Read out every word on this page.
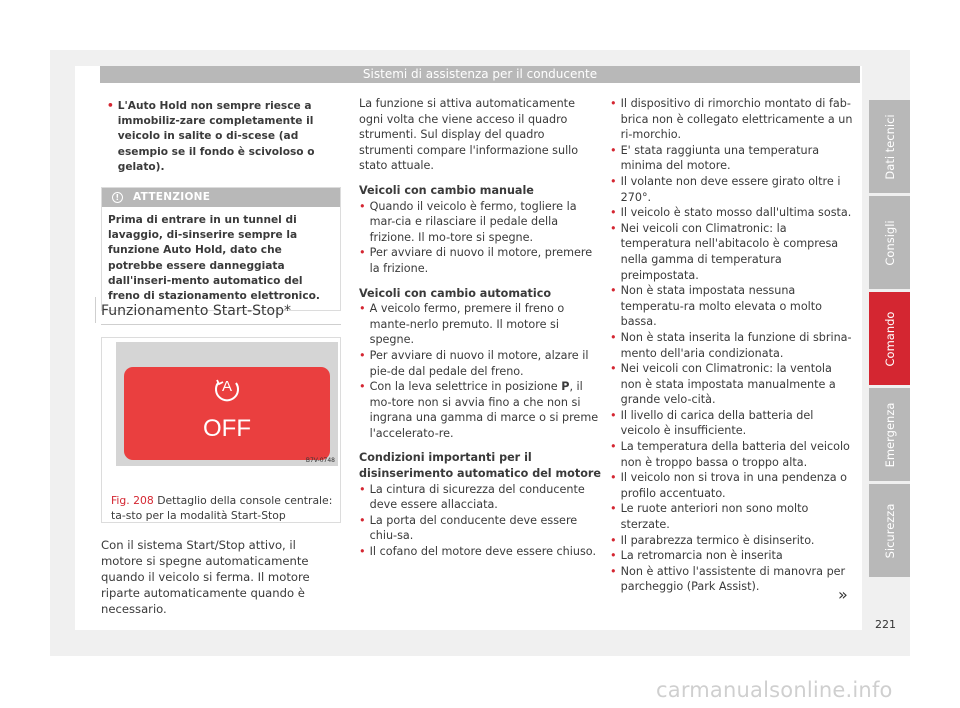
Sistemi di assistenza per il conducente
• L'Auto Hold non sempre riesce a immobiliz-zare completamente il veicolo in salite o di-scese (ad esempio se il fondo è scivoloso o gelato).
!	ATTENZIONE
Prima di entrare in un tunnel di lavaggio, di-sinserire sempre la funzione Auto Hold, dato che potrebbe essere danneggiata dall'inseri-mento automatico del freno di stazionamento elettronico.
Funzionamento Start-Stop*
A
OFF
B7V-0748
Fig. 208 Dettaglio della console centrale: ta-sto per la modalità Start-Stop
Con il sistema Start/Stop attivo, il motore si spegne automaticamente quando il veicolo si ferma. Il motore riparte automaticamente quando è necessario.
La funzione si attiva automaticamente ogni volta che viene acceso il quadro strumenti. Sul display del quadro strumenti compare l'informazione sullo stato attuale.
Veicoli con cambio manuale
• Quando il veicolo è fermo, togliere la mar-cia e rilasciare il pedale della frizione. Il mo-tore si spegne.
• Per avviare di nuovo il motore, premere la frizione.
Veicoli con cambio automatico
• A veicolo fermo, premere il freno o mante-nerlo premuto. Il motore si spegne.
• Per avviare di nuovo il motore, alzare il pie-de dal pedale del freno.
• Con la leva selettrice in posizione P, il mo-tore non si avvia fino a che non si ingrana una gamma di marce o si preme l'accelerato-re.
Condizioni importanti per il disinserimento automatico del motore
• La cintura di sicurezza del conducente deve essere allacciata.
• La porta del conducente deve essere chiu-sa.
• Il cofano del motore deve essere chiuso.
• Il dispositivo di rimorchio montato di fab-brica non è collegato elettricamente a un ri-morchio.
• E' stata raggiunta una temperatura minima del motore.
• Il volante non deve essere girato oltre i 270°.
• Il veicolo è stato mosso dall'ultima sosta.
• Nei veicoli con Climatronic: la temperatura nell'abitacolo è compresa nella gamma di temperatura preimpostata.
• Non è stata impostata nessuna temperatu-ra molto elevata o molto bassa.
• Non è stata inserita la funzione di sbrina-mento dell'aria condizionata.
• Nei veicoli con Climatronic: la ventola non è stata impostata manualmente a grande velo-cità.
• Il livello di carica della batteria del veicolo è insufficiente.
• La temperatura della batteria del veicolo non è troppo bassa o troppo alta.
• Il veicolo non si trova in una pendenza o profilo accentuato.
• Le ruote anteriori non sono molto sterzate.
• Il parabrezza termico è disinserito.
• La retromarcia non è inserita
• Non è attivo l'assistente di manovra per parcheggio (Park Assist).
Dati tecnici
Consigli
Comando
Emergenza
Sicurezza
»
221
carmanualsonline.info
